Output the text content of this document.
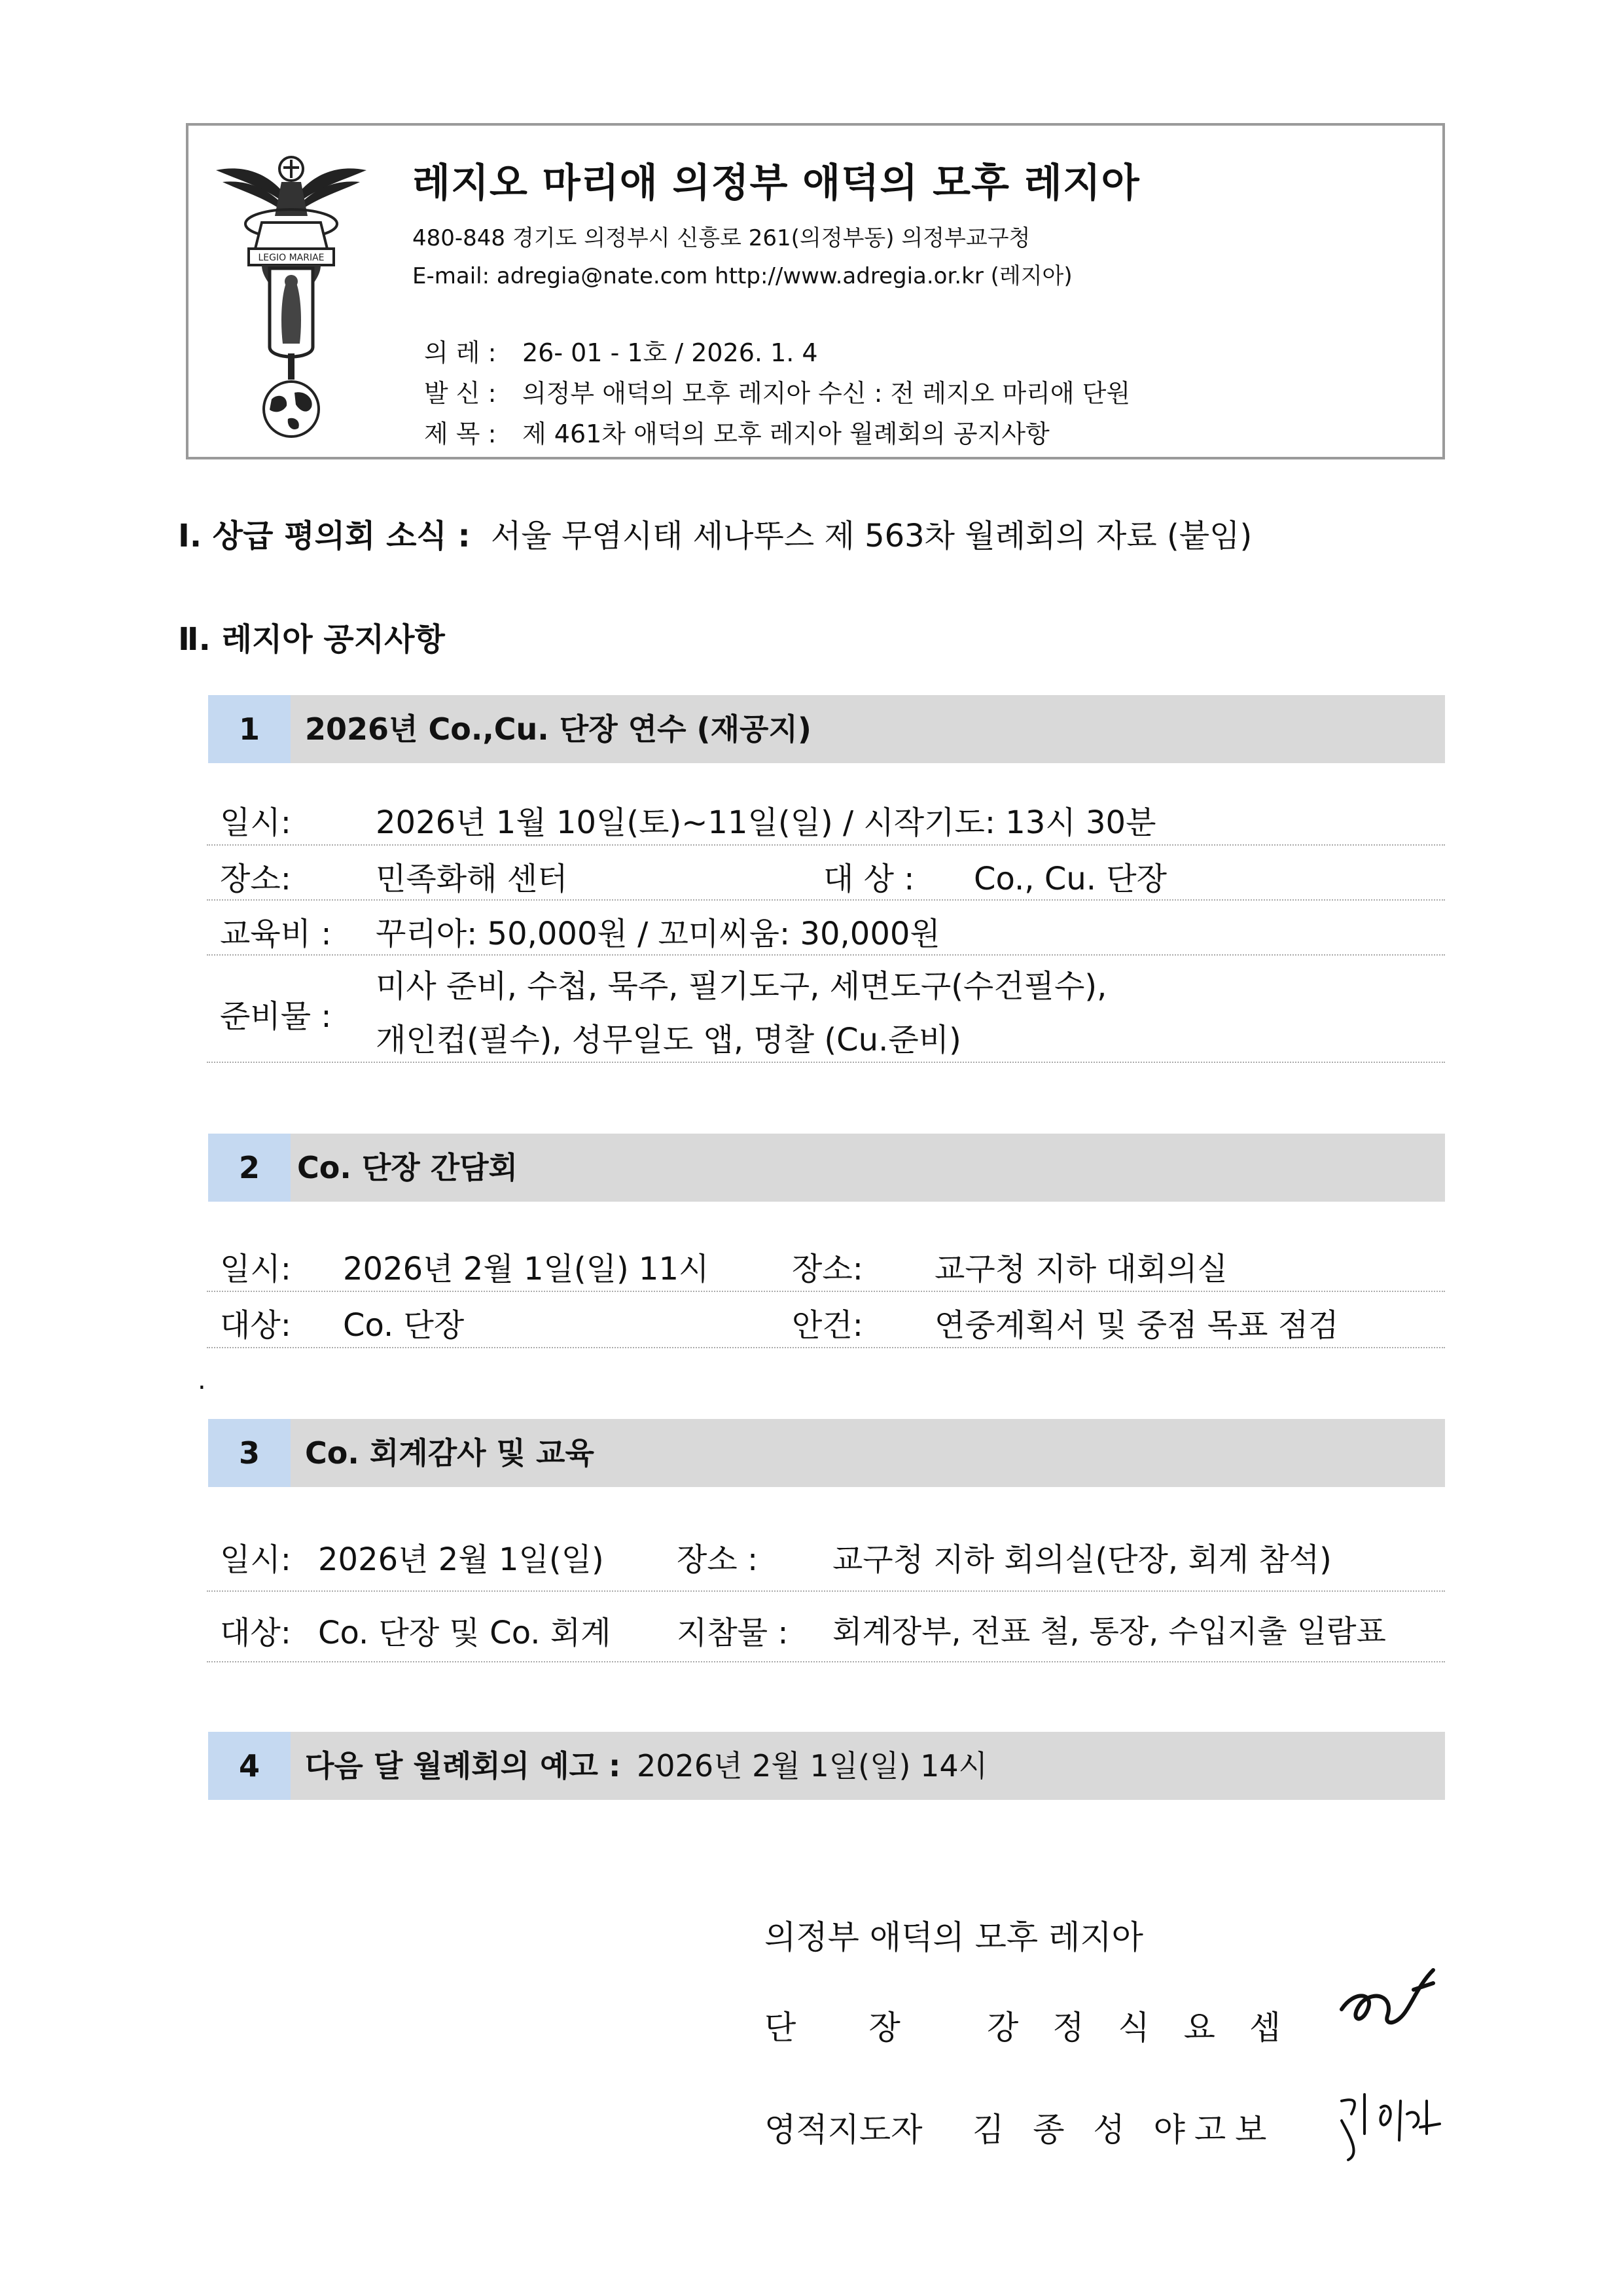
LEGIO MARIAE
레지오 마리애 의정부 애덕의 모후 레지아
480-848 경기도 의정부시 신흥로 261(의정부동) 의정부교구청
E-mail: adregia@nate.com http://www.adregia.or.kr (레지아)
의 레 : 26- 01 - 1호 / 2026. 1. 4
발 신 : 의정부 애덕의 모후 레지아 수신 : 전 레지오 마리애 단원
제 목 : 제 461차 애덕의 모후 레지아 월례회의 공지사항
Ⅰ. 상급 평의회 소식 : 서울 무염시태 세나뚜스 제 563차 월례회의 자료 (붙임)
Ⅱ. 레지아 공지사항
1	2026년 Co.,Cu. 단장 연수 (재공지)
일시:	2026년 1월 10일(토)~11일(일) / 시작기도: 13시 30분
장소:	민족화해 센터	대 상 : Co., Cu. 단장
교육비 : 꾸리아: 50,000원 / 꼬미씨움: 30,000원
준비물 :
미사 준비, 수첩, 묵주, 필기도구, 세면도구(수건필수),
개인컵(필수), 성무일도 앱, 명찰 (Cu.준비)
2	Co. 단장 간담회
일시: 2026년 2월 1일(일) 11시	장소: 교구청 지하 대회의실
대상: Co. 단장	안건: 연중계획서 및 중점 목표 점검
.
3	Co. 회계감사 및 교육
일시: 2026년 2월 1일(일) 장소 : 교구청 지하 회의실(단장, 회계 참석)
대상: Co. 단장 및 Co. 회계 지참물 : 회계장부, 전표 철, 통장, 수입지출 일람표
4	다음 달 월례회의 예고 : 2026년 2월 1일(일) 14시
의정부 애덕의 모후 레지아
단       장	강 정 식 요 셉
영적지도자 김 종 성 야고보
